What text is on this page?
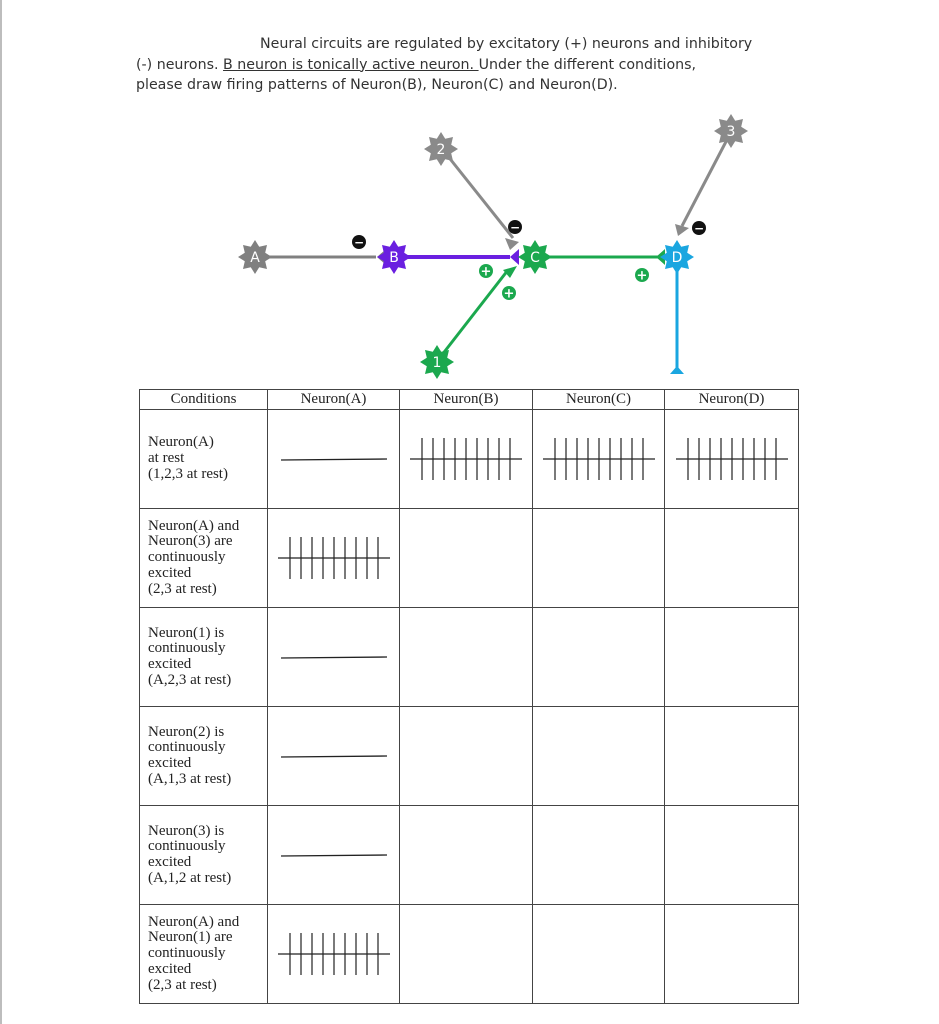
Neural circuits are regulated by excitatory (+) neurons and inhibitory
(-) neurons. B neuron is tonically active neuron. Under the different conditions,
please draw firing patterns of Neuron(B), Neuron(C) and Neuron(D).
A	B	C	D
2
3
1
−
−	−
+
+
+
Conditions	Neuron(A)	Neuron(B)	Neuron(C)	Neuron(D)

Neuron(A)
at rest
(1,2,3 at rest)

Neuron(A) and
Neuron(3) are
continuously
excited
(2,3 at rest)

Neuron(1) is
continuously
excited
(A,2,3 at rest)

Neuron(2) is
continuously
excited
(A,1,3 at rest)

Neuron(3) is
continuously
excited
(A,1,2 at rest)

Neuron(A) and
Neuron(1) are
continuously
excited
(2,3 at rest)
